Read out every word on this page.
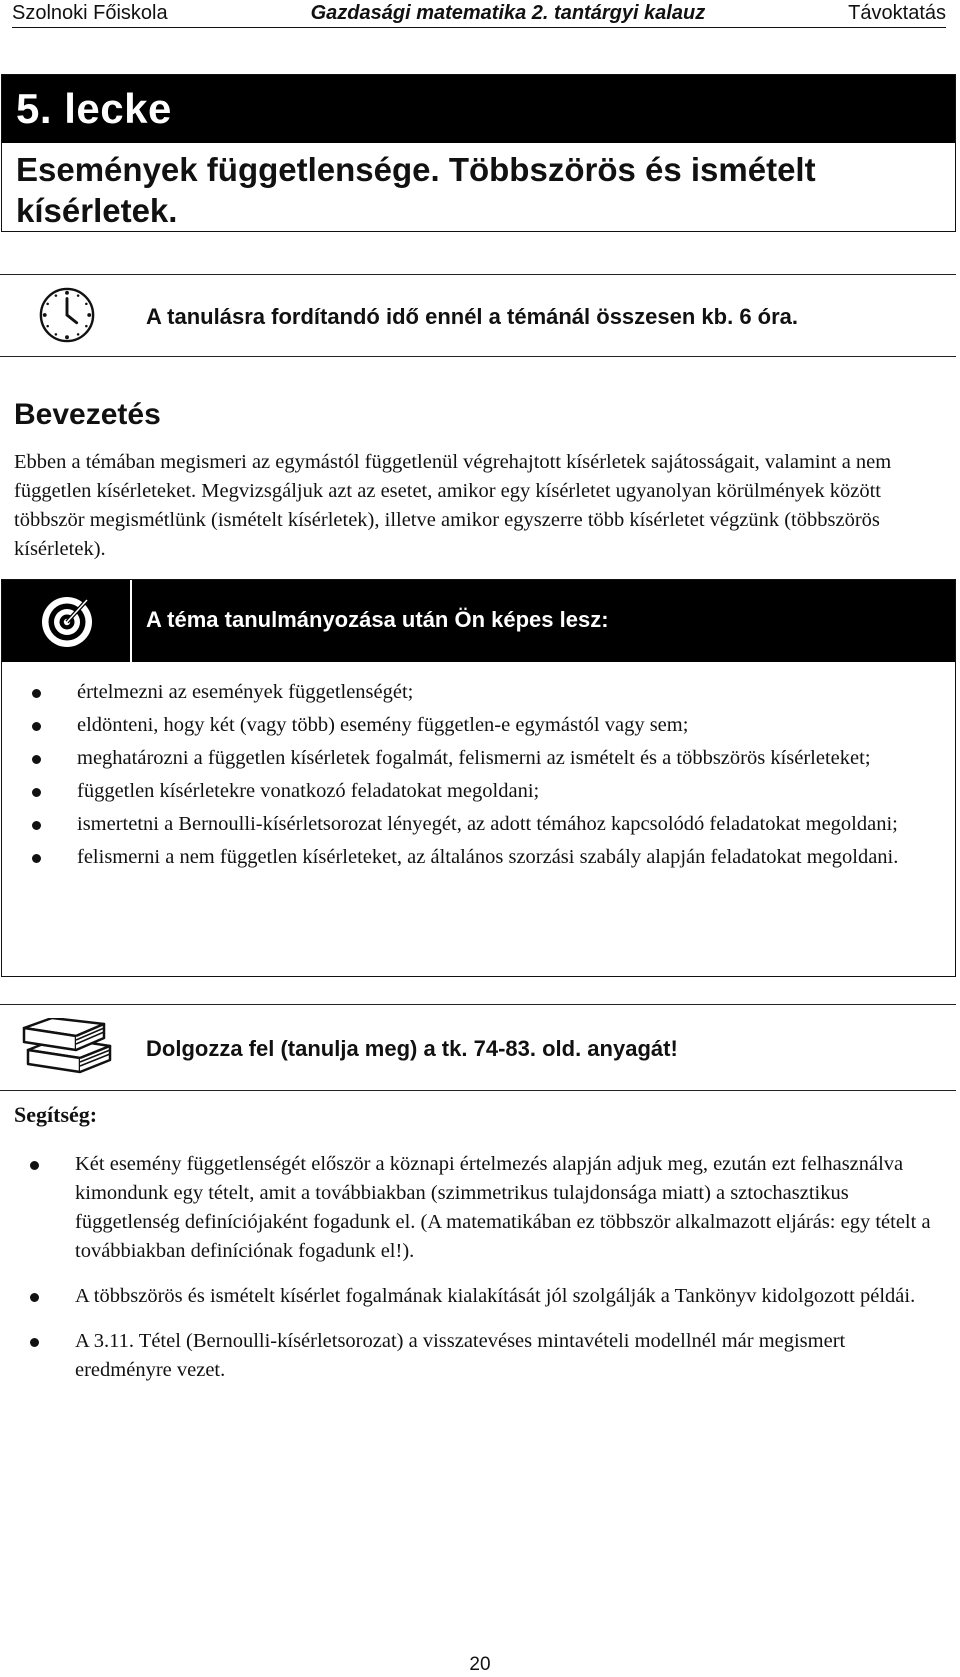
Szolnoki Főiskola	Gazdasági matematika 2. tantárgyi kalauz	Távoktatás
5. lecke
Események függetlensége. Többszörös és ismételt kísérletek.
A tanulásra fordítandó idő ennél a témánál összesen kb. 6 óra.
Bevezetés

Ebben a témában megismeri az egymástól függetlenül végrehajtott kísérletek sajátosságait, valamint a nem független kísérleteket. Megvizsgáljuk azt az esetet, amikor egy kísérletet ugyanolyan körülmények között többször megismétlünk (ismételt kísérletek), illetve amikor egyszerre több kísérletet végzünk (többszörös kísérletek).

A téma tanulmányozása után Ön képes lesz:
értelmezni az események függetlenségét;
eldönteni, hogy két (vagy több) esemény független-e egymástól vagy sem;
meghatározni a független kísérletek fogalmát, felismerni az ismételt és a többszörös kísérleteket;
független kísérletekre vonatkozó feladatokat megoldani;
ismertetni a Bernoulli-kísérletsorozat lényegét, az adott témához kapcsolódó feladatokat megoldani;
felismerni a nem független kísérleteket, az általános szorzási szabály alapján feladatokat megoldani.
Dolgozza fel (tanulja meg) a tk. 74-83. old. anyagát!
Segítség:
Két esemény függetlenségét először a köznapi értelmezés alapján adjuk meg, ezután ezt felhasználva kimondunk egy tételt, amit a továbbiakban (szimmetrikus tulajdonsága miatt) a sztochasztikus függetlenség definíciójaként fogadunk el. (A matematikában ez többször alkalmazott eljárás: egy tételt a továbbiakban definíciónak fogadunk el!).
A többszörös és ismételt kísérlet fogalmának kialakítását jól szolgálják a Tankönyv kidolgozott példái.
A 3.11. Tétel (Bernoulli-kísérletsorozat) a visszatevéses mintavételi modellnél már megismert eredményre vezet.
20
